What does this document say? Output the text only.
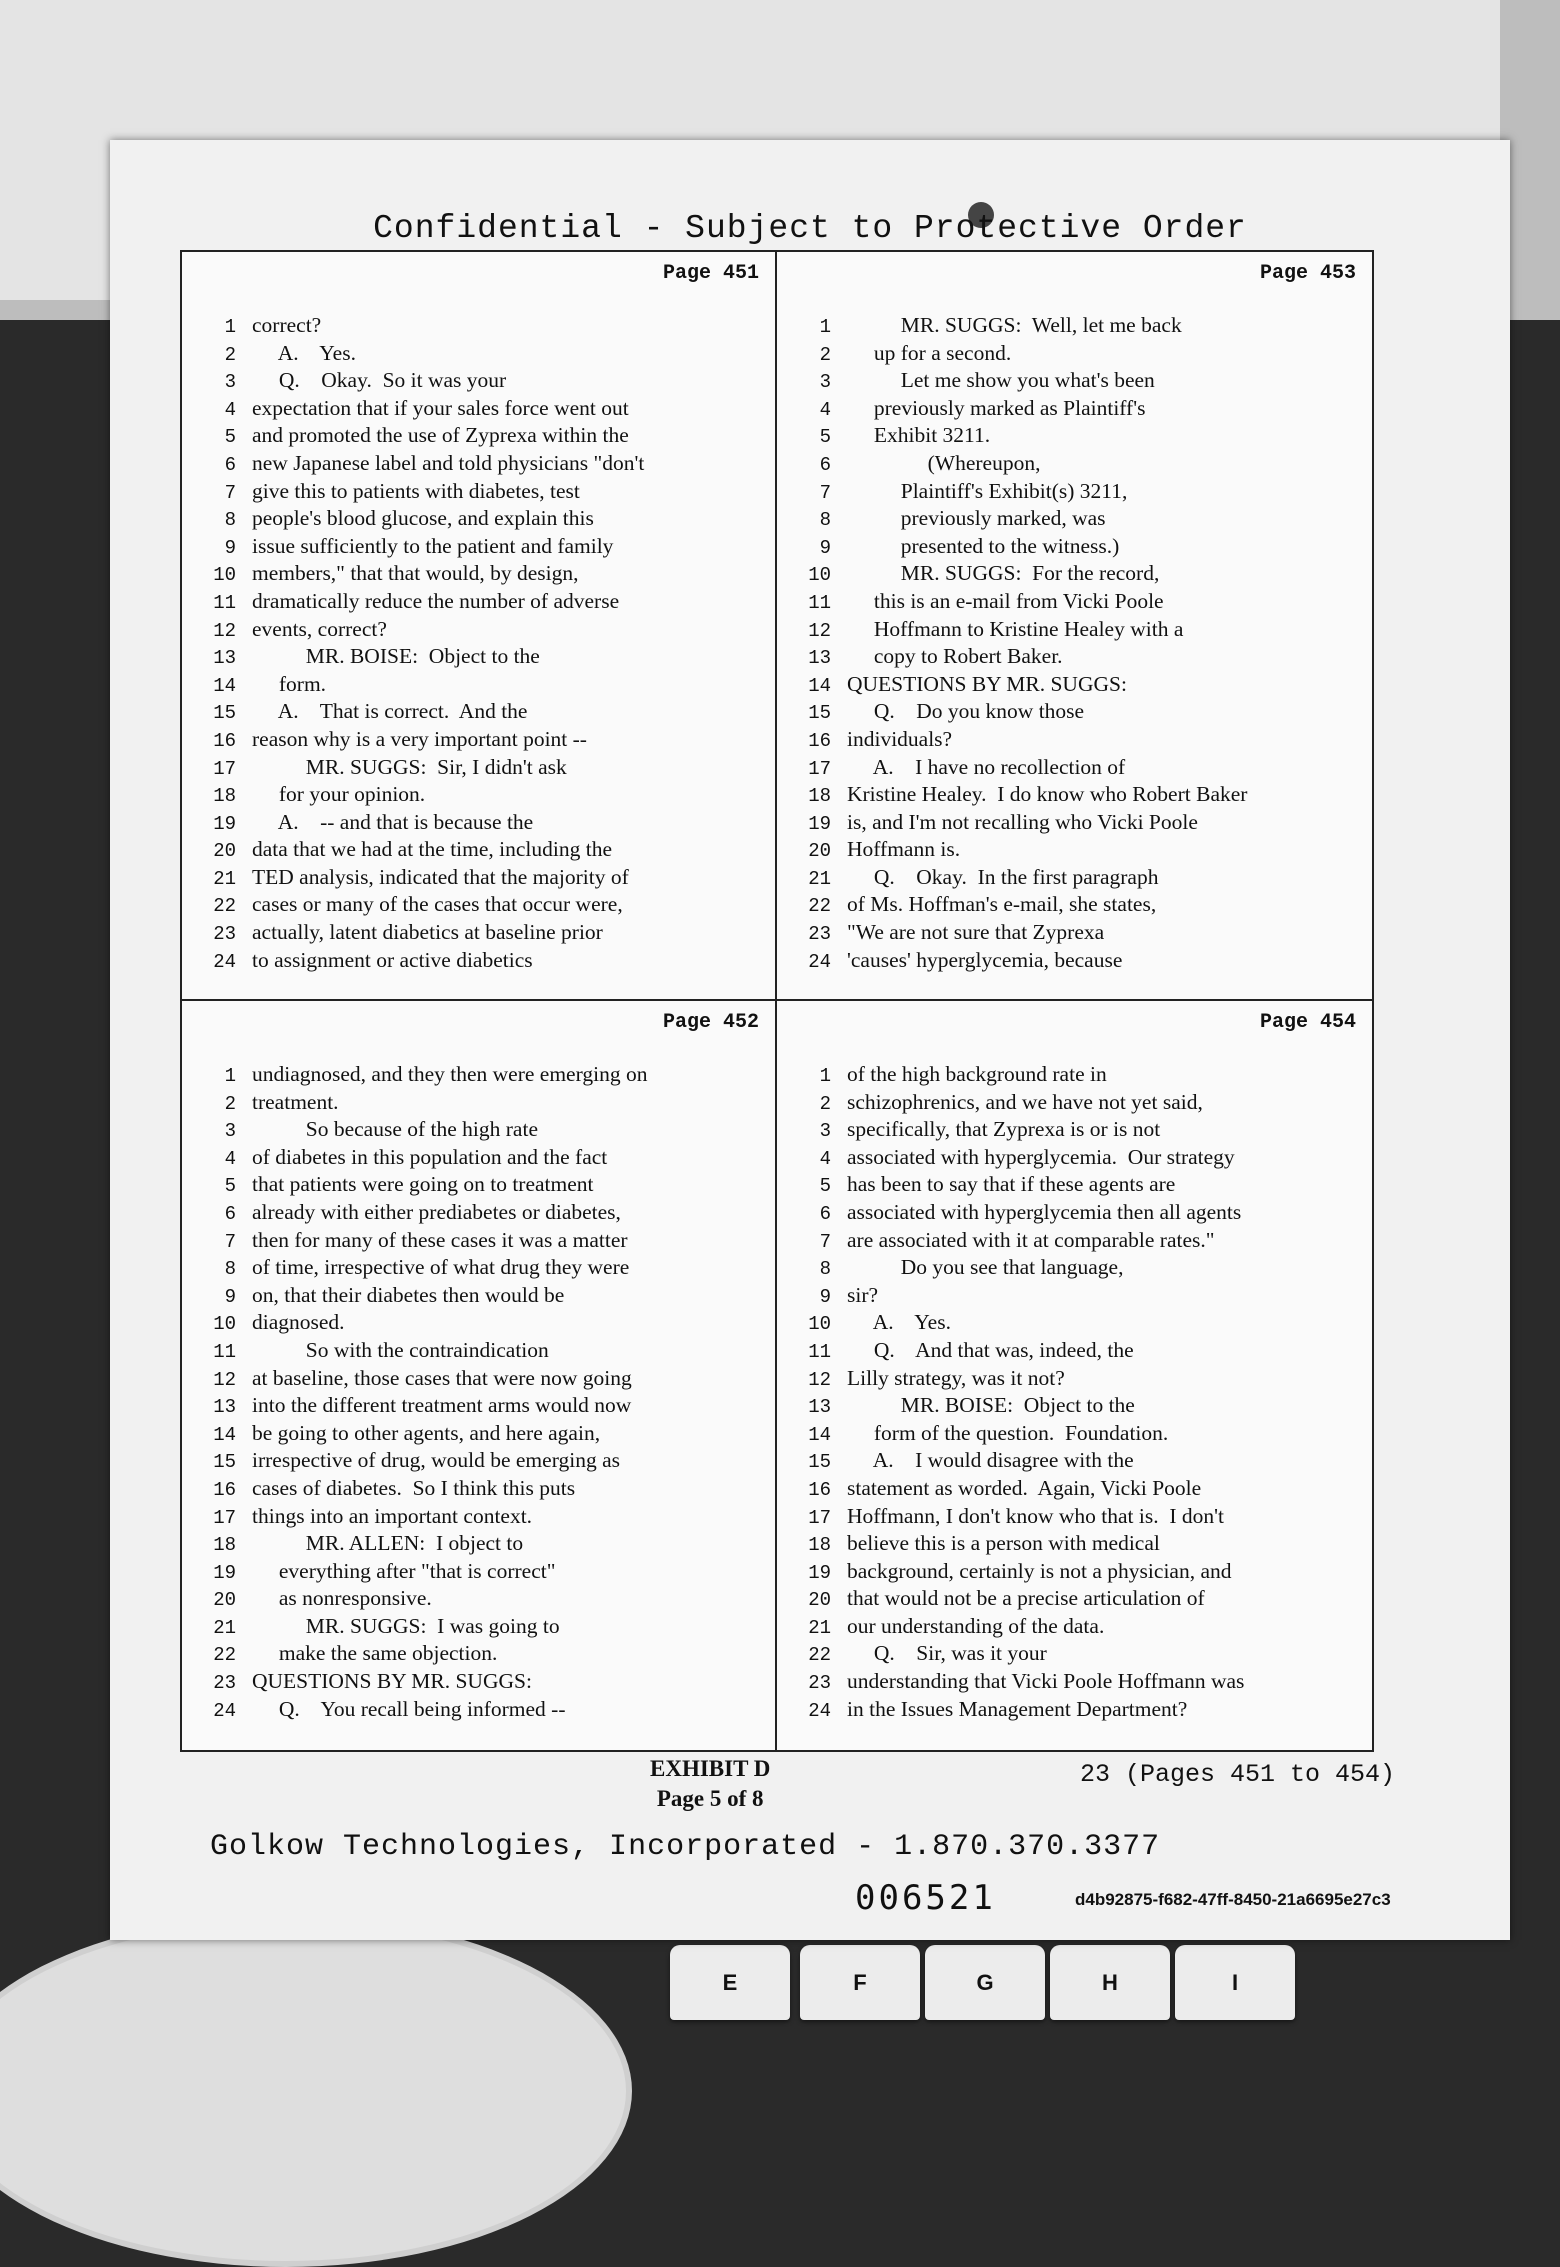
E	F	G	H	I
Confidential - Subject to Protective Order
Page 451
1 correct?
2 A.    Yes.
3 Q.    Okay.  So it was your
4 expectation that if your sales force went out
5 and promoted the use of Zyprexa within the
6 new Japanese label and told physicians "don't
7 give this to patients with diabetes, test
8 people's blood glucose, and explain this
9 issue sufficiently to the patient and family
10 members," that that would, by design,
11 dramatically reduce the number of adverse
12 events, correct?
13 MR. BOISE:  Object to the
14 form.
15 A.    That is correct.  And the
16 reason why is a very important point --
17 MR. SUGGS:  Sir, I didn't ask
18 for your opinion.
19 A.    -- and that is because the
20 data that we had at the time, including the
21 TED analysis, indicated that the majority of
22 cases or many of the cases that occur were,
23 actually, latent diabetics at baseline prior
24 to assignment or active diabetics
Page 453
1 MR. SUGGS:  Well, let me back
2 up for a second.
3 Let me show you what's been
4 previously marked as Plaintiff's
5 Exhibit 3211.
6 (Whereupon,
7 Plaintiff's Exhibit(s) 3211,
8 previously marked, was
9 presented to the witness.)
10 MR. SUGGS:  For the record,
11 this is an e-mail from Vicki Poole
12 Hoffmann to Kristine Healey with a
13 copy to Robert Baker.
14 QUESTIONS BY MR. SUGGS:
15 Q.    Do you know those
16 individuals?
17 A.    I have no recollection of
18 Kristine Healey.  I do know who Robert Baker
19 is, and I'm not recalling who Vicki Poole
20 Hoffmann is.
21 Q.    Okay.  In the first paragraph
22 of Ms. Hoffman's e-mail, she states,
23 "We are not sure that Zyprexa
24 'causes' hyperglycemia, because
Page 452
1 undiagnosed, and they then were emerging on
2 treatment.
3 So because of the high rate
4 of diabetes in this population and the fact
5 that patients were going on to treatment
6 already with either prediabetes or diabetes,
7 then for many of these cases it was a matter
8 of time, irrespective of what drug they were
9 on, that their diabetes then would be
10 diagnosed.
11 So with the contraindication
12 at baseline, those cases that were now going
13 into the different treatment arms would now
14 be going to other agents, and here again,
15 irrespective of drug, would be emerging as
16 cases of diabetes.  So I think this puts
17 things into an important context.
18 MR. ALLEN:  I object to
19 everything after "that is correct"
20 as nonresponsive.
21 MR. SUGGS:  I was going to
22 make the same objection.
23 QUESTIONS BY MR. SUGGS:
24 Q.    You recall being informed --
Page 454
1 of the high background rate in
2 schizophrenics, and we have not yet said,
3 specifically, that Zyprexa is or is not
4 associated with hyperglycemia.  Our strategy
5 has been to say that if these agents are
6 associated with hyperglycemia then all agents
7 are associated with it at comparable rates."
8 Do you see that language,
9 sir?
10 A.    Yes.
11 Q.    And that was, indeed, the
12 Lilly strategy, was it not?
13 MR. BOISE:  Object to the
14 form of the question.  Foundation.
15 A.    I would disagree with the
16 statement as worded.  Again, Vicki Poole
17 Hoffmann, I don't know who that is.  I don't
18 believe this is a person with medical
19 background, certainly is not a physician, and
20 that would not be a precise articulation of
21 our understanding of the data.
22 Q.    Sir, was it your
23 understanding that Vicki Poole Hoffmann was
24 in the Issues Management Department?
EXHIBIT D
Page 5 of 8
23 (Pages 451 to 454)
Golkow Technologies, Incorporated - 1.870.370.3377
006521	d4b92875-f682-47ff-8450-21a6695e27c3
